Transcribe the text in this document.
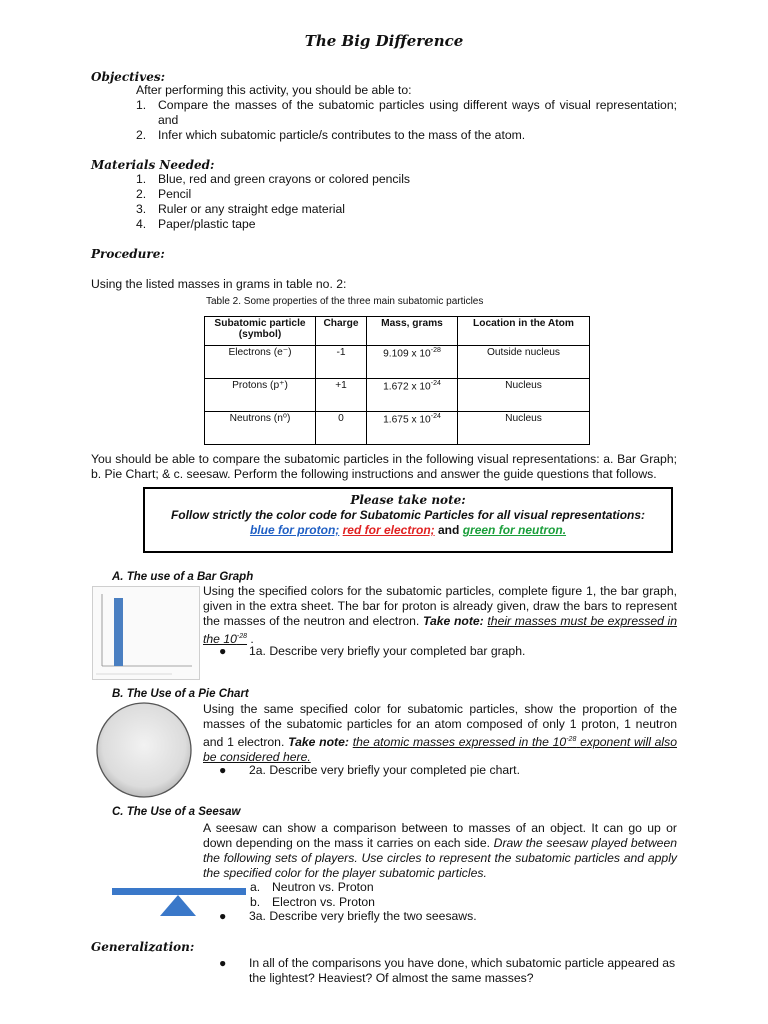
The Big Difference
Objectives:
After performing this activity, you should be able to:
1. Compare the masses of the subatomic particles using different ways of visual representation; and
2. Infer which subatomic particle/s contributes to the mass of the atom.
Materials Needed:
1. Blue, red and green crayons or colored pencils
2. Pencil
3. Ruler or any straight edge material
4. Paper/plastic tape
Procedure:
Using the listed masses in grams in table no. 2:
Table 2. Some properties of the three main subatomic particles
Subatomic particle (symbol)	Charge	Mass, grams	Location in the Atom
Electrons (e⁻)	-1	9.109 x $10^{-28}$	Outside nucleus
Protons (p⁺)	+1	1.672 x $10^{-24}$	Nucleus
Neutrons (n⁰)	0	1.675 x $10^{-24}$	Nucleus
You should be able to compare the subatomic particles in the following visual representations: a. Bar Graph; b. Pie Chart; & c. seesaw. Perform the following instructions and answer the guide questions that follows.
Please take note:
Follow strictly the color code for Subatomic Particles for all visual representations:
blue for proton; red for electron; and green for neutron.
A. The use of a Bar Graph
Using the specified colors for the subatomic particles, complete figure 1, the bar graph, given in the extra sheet. The bar for proton is already given, draw the bars to represent the masses of the neutron and electron. Take note: their masses must be expressed in the $10^{-28}$ .
● 1a. Describe very briefly your completed bar graph.
B. The Use of a Pie Chart
Using the same specified color for subatomic particles, show the proportion of the masses of the subatomic particles for an atom composed of only 1 proton, 1 neutron and 1 electron. Take note: the atomic masses expressed in the $10^{-28}$ exponent will also be considered here.
● 2a. Describe very briefly your completed pie chart.
C. The Use of a Seesaw
A seesaw can show a comparison between to masses of an object. It can go up or down depending on the mass it carries on each side. Draw the seesaw played between the following sets of players. Use circles to represent the subatomic particles and apply the specified color for the player subatomic particles.
a. Neutron vs. Proton
b. Electron vs. Proton
● 3a. Describe very briefly the two seesaws.
Generalization:
● In all of the comparisons you have done, which subatomic particle appeared as the lightest? Heaviest? Of almost the same masses?
